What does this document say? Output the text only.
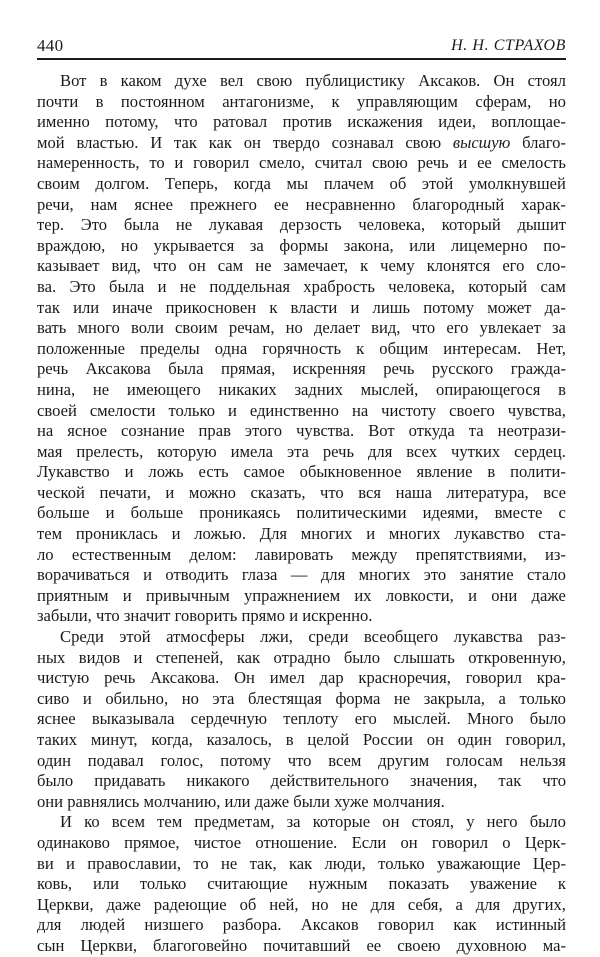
440	Н. Н. СТРАХОВ
Вот в каком духе вел свою публицистику Аксаков. Он стоял
почти в постоянном антагонизме, к управляющим сферам, но
именно потому, что ратовал против искажения идеи, воплощае-
мой властью. И так как он твердо сознавал свою высшую благо-
намеренность, то и говорил смело, считал свою речь и ее смелость
своим долгом. Теперь, когда мы плачем об этой умолкнувшей
речи, нам яснее прежнего ее несравненно благородный харак-
тер. Это была не лукавая дерзость человека, который дышит
враждою, но укрывается за формы закона, или лицемерно по-
казывает вид, что он сам не замечает, к чему клонятся его сло-
ва. Это была и не поддельная храбрость человека, который сам
так или иначе прикосновен к власти и лишь потому может да-
вать много воли своим речам, но делает вид, что его увлекает за
положенные пределы одна горячность к общим интересам. Нет,
речь Аксакова была прямая, искренняя речь русского гражда-
нина, не имеющего никаких задних мыслей, опирающегося в
своей смелости только и единственно на чистоту своего чувства,
на ясное сознание прав этого чувства. Вот откуда та неотрази-
мая прелесть, которую имела эта речь для всех чутких сердец.
Лукавство и ложь есть самое обыкновенное явление в полити-
ческой печати, и можно сказать, что вся наша литература, все
больше и больше проникаясь политическими идеями, вместе с
тем прониклась и ложью. Для многих и многих лукавство ста-
ло естественным делом: лавировать между препятствиями, из-
ворачиваться и отводить глаза — для многих это занятие стало
приятным и привычным упражнением их ловкости, и они даже
забыли, что значит говорить прямо и искренно.
Среди этой атмосферы лжи, среди всеобщего лукавства раз-
ных видов и степеней, как отрадно было слышать откровенную,
чистую речь Аксакова. Он имел дар красноречия, говорил кра-
сиво и обильно, но эта блестящая форма не закрыла, а только
яснее выказывала сердечную теплоту его мыслей. Много было
таких минут, когда, казалось, в целой России он один говорил,
один подавал голос, потому что всем другим голосам нельзя
было придавать никакого действительного значения, так что
они равнялись молчанию, или даже были хуже молчания.
И ко всем тем предметам, за которые он стоял, у него было
одинаково прямое, чистое отношение. Если он говорил о Церк-
ви и православии, то не так, как люди, только уважающие Цер-
ковь, или только считающие нужным показать уважение к
Церкви, даже радеющие об ней, но не для себя, а для других,
для людей низшего разбора. Аксаков говорил как истинный
сын Церкви, благоговейно почитавший ее своею духовною ма-
